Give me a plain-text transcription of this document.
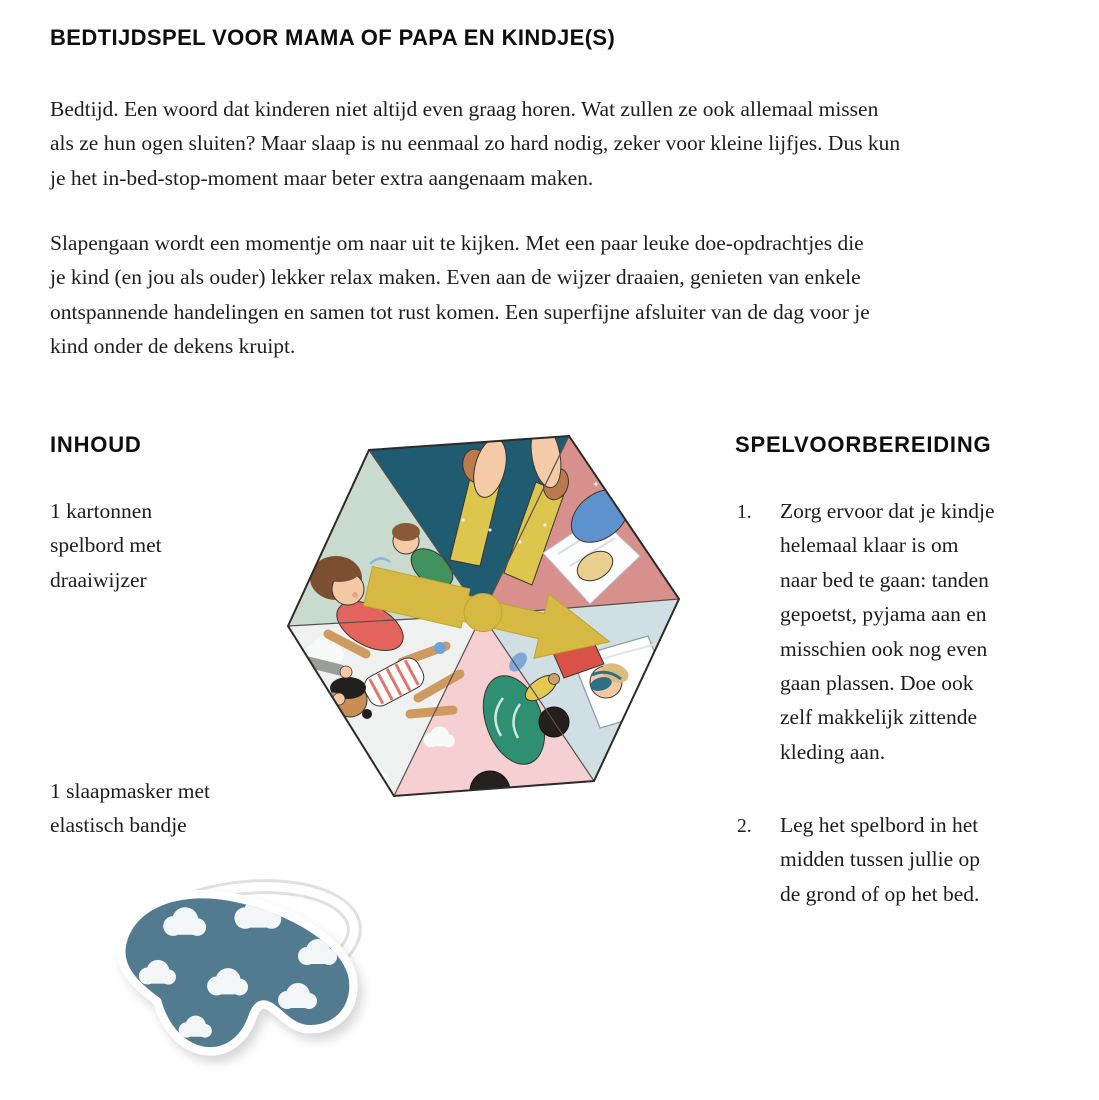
BEDTIJDSPEL VOOR MAMA OF PAPA EN KINDJE(S)
Bedtijd. Een woord dat kinderen niet altijd even graag horen. Wat zullen ze ook allemaal missen
als ze hun ogen sluiten? Maar slaap is nu eenmaal zo hard nodig, zeker voor kleine lijfjes. Dus kun
je het in-bed-stop-moment maar beter extra aangenaam maken.
Slapengaan wordt een momentje om naar uit te kijken. Met een paar leuke doe-opdrachtjes die
je kind (en jou als ouder) lekker relax maken. Even aan de wijzer draaien, genieten van enkele
ontspannende handelingen en samen tot rust komen. Een superfijne afsluiter van de dag voor je
kind onder de dekens kruipt.
INHOUD
1 kartonnen
spelbord met
draaiwijzer
1 slaapmasker met
elastisch bandje
SPELVOORBEREIDING
1. Zorg ervoor dat je kindje
helemaal klaar is om
naar bed te gaan: tanden
gepoetst, pyjama aan en
misschien ook nog even
gaan plassen. Doe ook
zelf makkelijk zittende
kleding aan.
2. Leg het spelbord in het
midden tussen jullie op
de grond of op het bed.
